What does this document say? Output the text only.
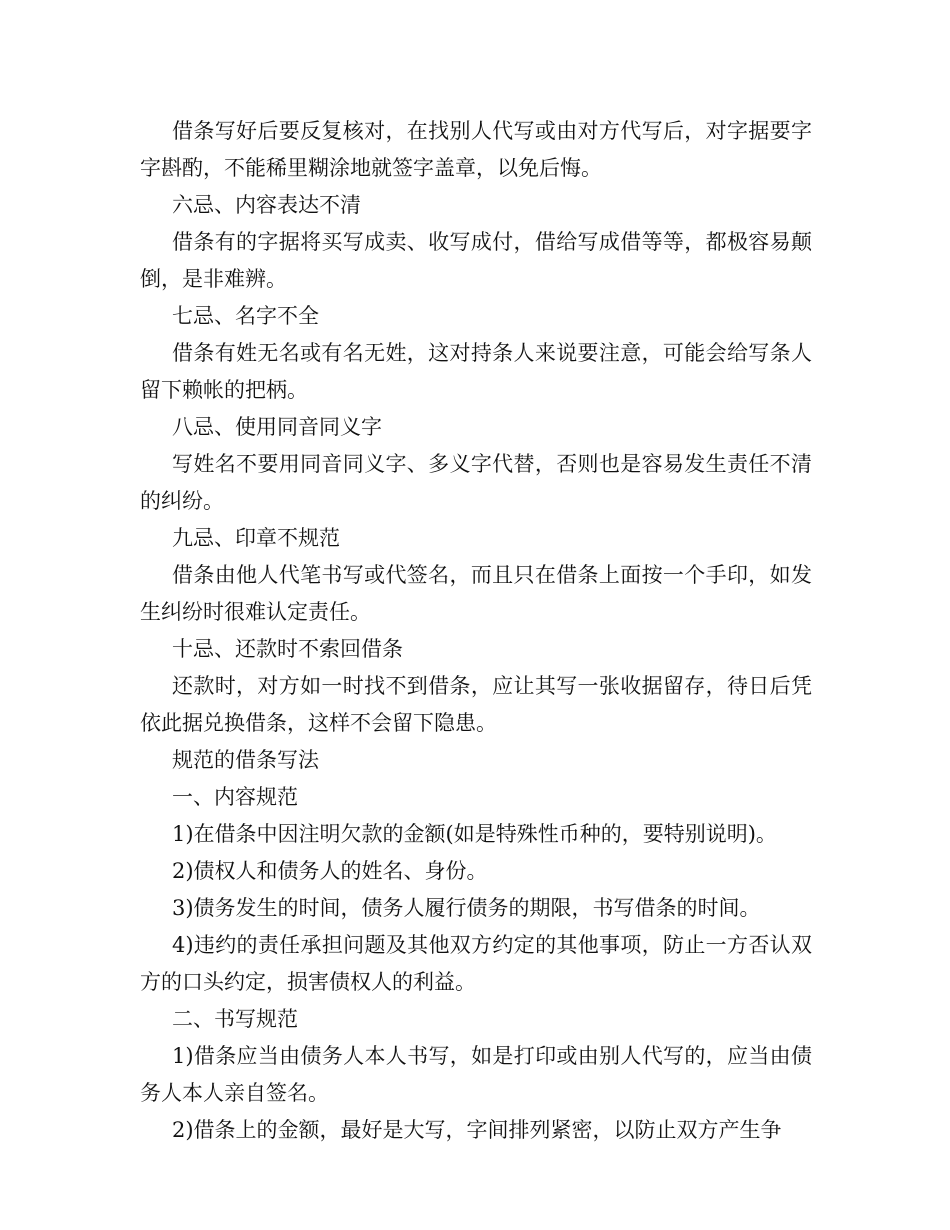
借条写好后要反复核对，在找别人代写或由对方代写后，对字据要字字斟酌，不能稀里糊涂地就签字盖章，以免后悔。

六忌、内容表达不清

借条有的字据将买写成卖、收写成付，借给写成借等等，都极容易颠倒，是非难辨。

七忌、名字不全

借条有姓无名或有名无姓，这对持条人来说要注意，可能会给写条人留下赖帐的把柄。

八忌、使用同音同义字

写姓名不要用同音同义字、多义字代替，否则也是容易发生责任不清的纠纷。

九忌、印章不规范

借条由他人代笔书写或代签名，而且只在借条上面按一个手印，如发生纠纷时很难认定责任。

十忌、还款时不索回借条

还款时，对方如一时找不到借条，应让其写一张收据留存，待日后凭依此据兑换借条，这样不会留下隐患。

规范的借条写法

一、内容规范

1)在借条中因注明欠款的金额(如是特殊性币种的，要特别说明)。

2)债权人和债务人的姓名、身份。

3)债务发生的时间，债务人履行债务的期限，书写借条的时间。

4)违约的责任承担问题及其他双方约定的其他事项，防止一方否认双方的口头约定，损害债权人的利益。

二、书写规范

1)借条应当由债务人本人书写，如是打印或由别人代写的，应当由债务人本人亲自签名。

2)借条上的金额，最好是大写，字间排列紧密，以防止双方产生争
